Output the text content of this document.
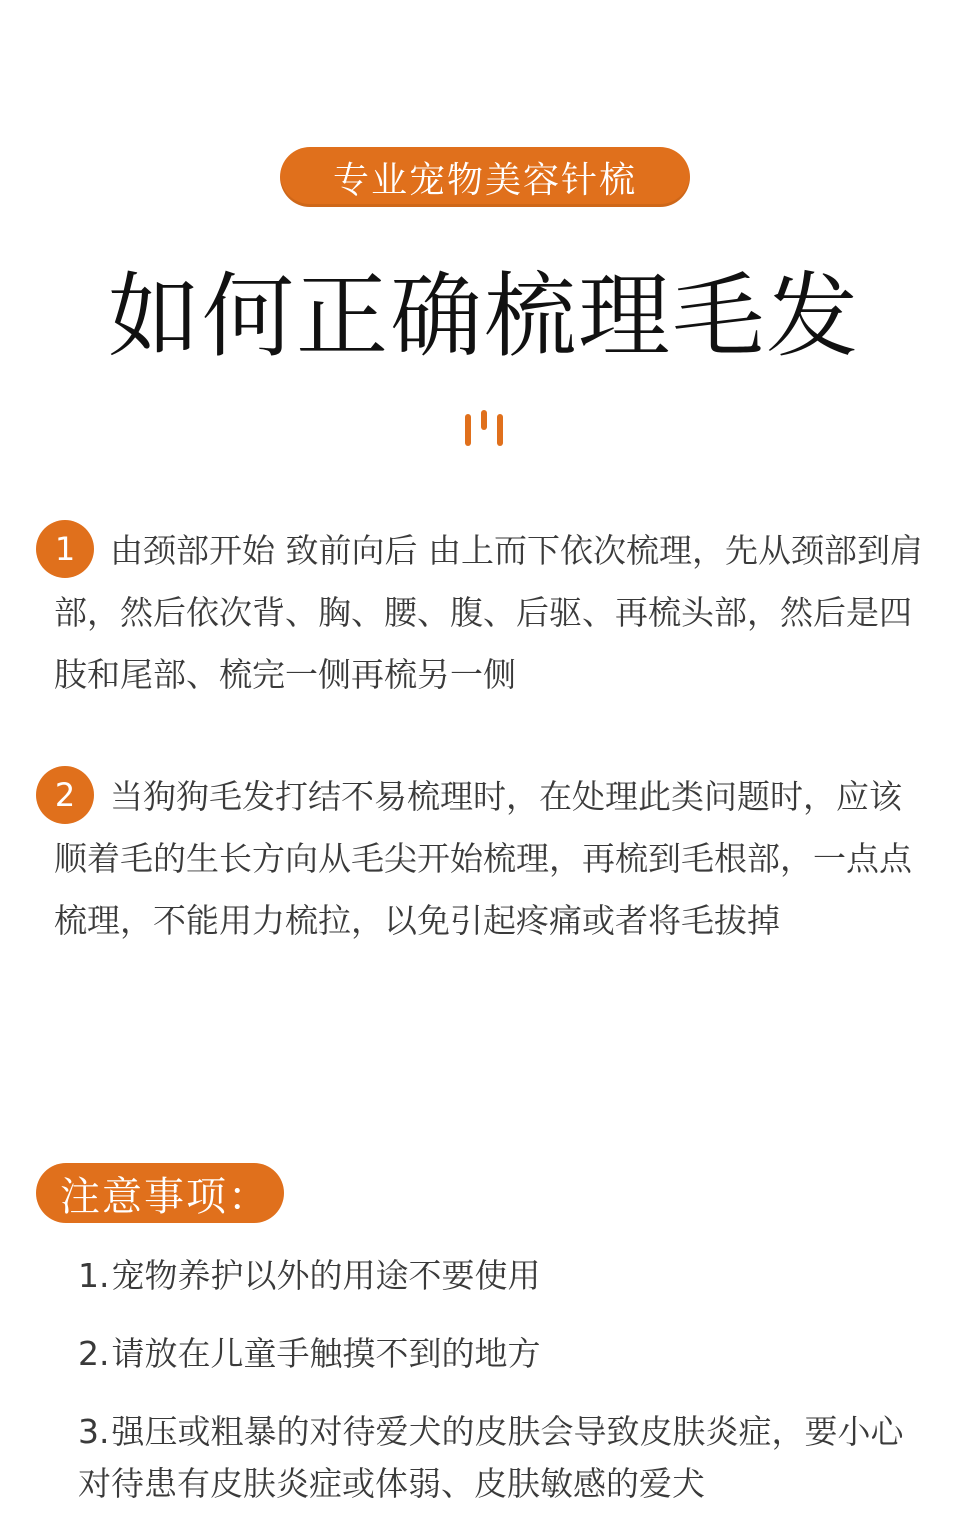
专业宠物美容针梳
如何正确梳理毛发
1 由颈部开始 致前向后 由上而下依次梳理，先从颈部到肩部，然后依次背、胸、腰、腹、后驱、再梳头部，然后是四肢和尾部、梳完一侧再梳另一侧
2 当狗狗毛发打结不易梳理时，在处理此类问题时，应该顺着毛的生长方向从毛尖开始梳理，再梳到毛根部，一点点梳理，不能用力梳拉，以免引起疼痛或者将毛拔掉
注意事项：
1.宠物养护以外的用途不要使用
2.请放在儿童手触摸不到的地方
3.强压或粗暴的对待爱犬的皮肤会导致皮肤炎症，要小心对待患有皮肤炎症或体弱、皮肤敏感的爱犬
